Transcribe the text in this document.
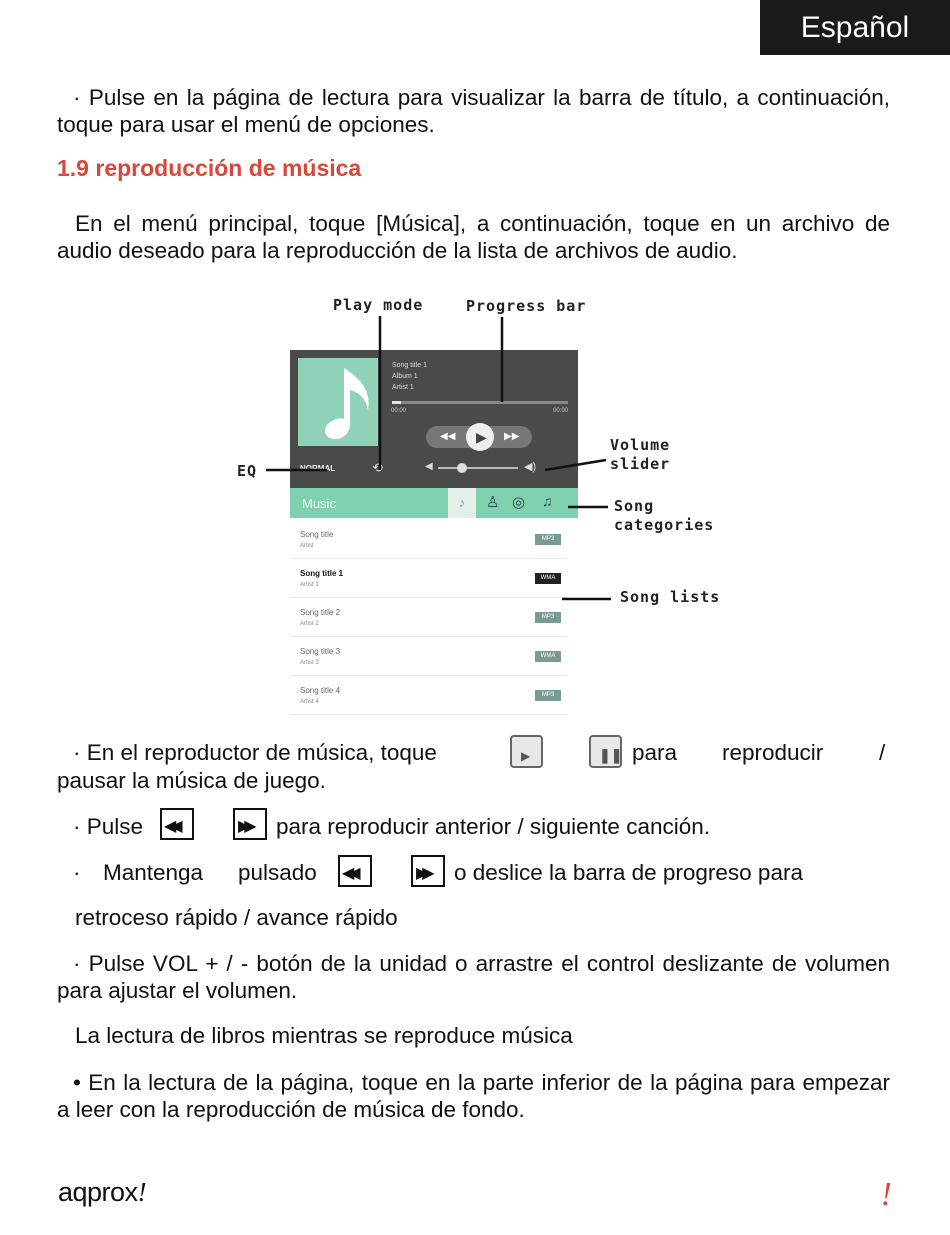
Español
· Pulse en la página de lectura para visualizar la barra de título, a continuación, toque para usar el menú de opciones.
1.9 reproducción de música
En el menú principal, toque [Música], a continuación, toque en un archivo de audio deseado para la reproducción de la lista de archivos de audio.
Play mode	Progress bar
EQ
Volume
slider
Song
categories
Song lists
Song title 1
Album 1
Artist 1
00:00	00:00
◀◀ ▶ ▶▶
NORMAL	⟲	◀	◀)
Music	♪	♙ ◎ ♫
Song title
Artist
MP3
Song title 1
Artist 1
WMA
Song title 2
Artist 2
MP3
Song title 3
Artist 3
WMA
Song title 4
Artist 4
MP3
· En el reproductor de música, toque	▶	❚❚ para reproducir /
pausar la música de juego.
· Pulse ◀◀	▶▶ para reproducir anterior / siguiente canción.
· Mantenga pulsado ◀◀	▶▶ o deslice la barra de progreso para
retroceso rápido / avance rápido
· Pulse VOL + / - botón de la unidad o arrastre el control deslizante de volumen para ajustar el volumen.
La lectura de libros mientras se reproduce música
• En la lectura de la página, toque en la parte inferior de la página para empezar a leer con la reproducción de música de fondo.
aqprox!	!
